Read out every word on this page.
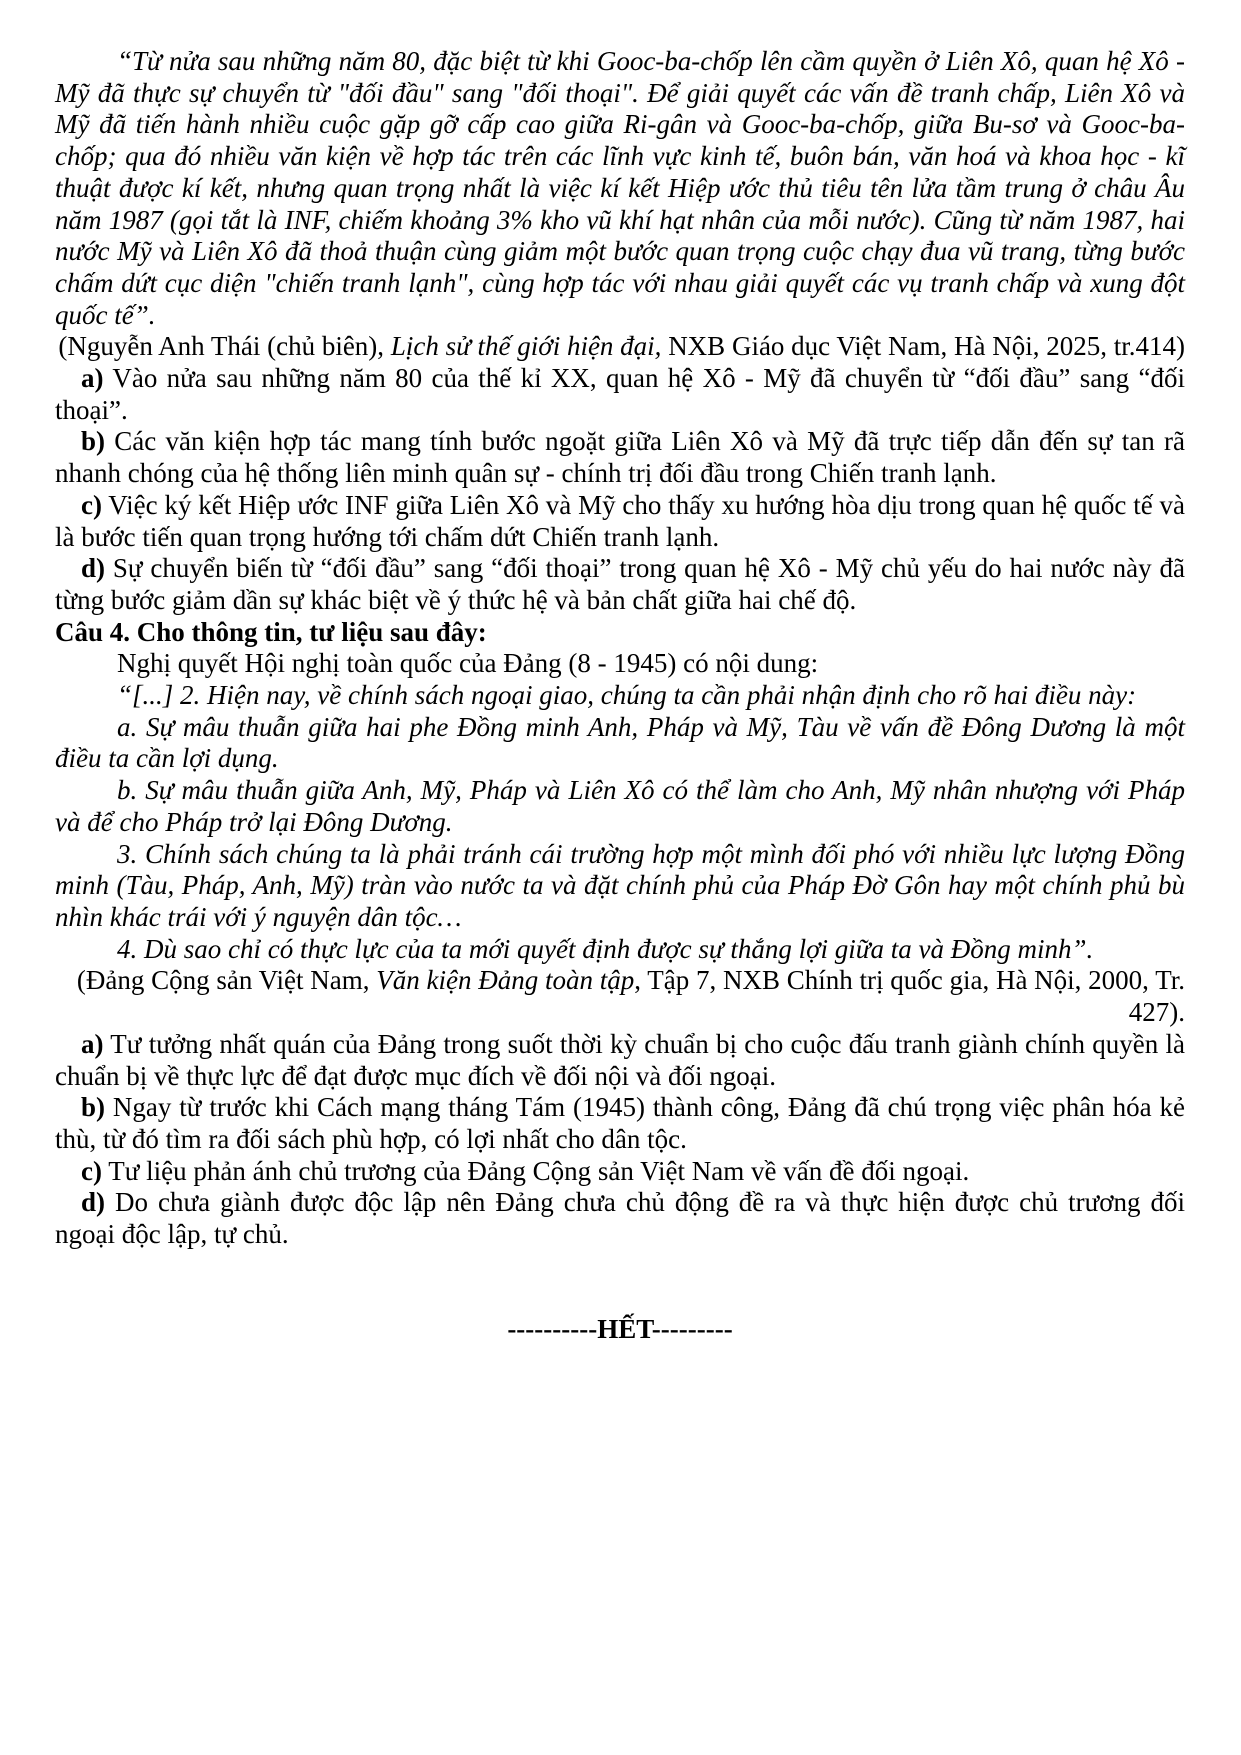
“Từ nửa sau những năm 80, đặc biệt từ khi Gooc-ba-chốp lên cầm quyền ở Liên Xô, quan hệ Xô - Mỹ đã thực sự chuyển từ "đối đầu" sang "đối thoại". Để giải quyết các vấn đề tranh chấp, Liên Xô và Mỹ đã tiến hành nhiều cuộc gặp gỡ cấp cao giữa Ri-gân và Gooc-ba-chốp, giữa Bu-sơ và Gooc-ba-chốp; qua đó nhiều văn kiện về hợp tác trên các lĩnh vực kinh tế, buôn bán, văn hoá và khoa học - kĩ thuật được kí kết, nhưng quan trọng nhất là việc kí kết Hiệp ước thủ tiêu tên lửa tầm trung ở châu Âu năm 1987 (gọi tắt là INF, chiếm khoảng 3% kho vũ khí hạt nhân của mỗi nước). Cũng từ năm 1987, hai nước Mỹ và Liên Xô đã thoả thuận cùng giảm một bước quan trọng cuộc chạy đua vũ trang, từng bước chấm dứt cục diện "chiến tranh lạnh", cùng hợp tác với nhau giải quyết các vụ tranh chấp và xung đột quốc tế”.

(Nguyễn Anh Thái (chủ biên), Lịch sử thế giới hiện đại, NXB Giáo dục Việt Nam, Hà Nội, 2025, tr.414)

a) Vào nửa sau những năm 80 của thế kỉ XX, quan hệ Xô - Mỹ đã chuyển từ “đối đầu” sang “đối thoại”.

b) Các văn kiện hợp tác mang tính bước ngoặt giữa Liên Xô và Mỹ đã trực tiếp dẫn đến sự tan rã nhanh chóng của hệ thống liên minh quân sự - chính trị đối đầu trong Chiến tranh lạnh.

c) Việc ký kết Hiệp ước INF giữa Liên Xô và Mỹ cho thấy xu hướng hòa dịu trong quan hệ quốc tế và là bước tiến quan trọng hướng tới chấm dứt Chiến tranh lạnh.

d) Sự chuyển biến từ “đối đầu” sang “đối thoại” trong quan hệ Xô - Mỹ chủ yếu do hai nước này đã từng bước giảm dần sự khác biệt về ý thức hệ và bản chất giữa hai chế độ.

Câu 4. Cho thông tin, tư liệu sau đây:

Nghị quyết Hội nghị toàn quốc của Đảng (8 - 1945) có nội dung:

“[...] 2. Hiện nay, về chính sách ngoại giao, chúng ta cần phải nhận định cho rõ hai điều này:

a. Sự mâu thuẫn giữa hai phe Đồng minh Anh, Pháp và Mỹ, Tàu về vấn đề Đông Dương là một điều ta cần lợi dụng.

b. Sự mâu thuẫn giữa Anh, Mỹ, Pháp và Liên Xô có thể làm cho Anh, Mỹ nhân nhượng với Pháp và để cho Pháp trở lại Đông Dương.

3. Chính sách chúng ta là phải tránh cái trường hợp một mình đối phó với nhiều lực lượng Đồng minh (Tàu, Pháp, Anh, Mỹ) tràn vào nước ta và đặt chính phủ của Pháp Đờ Gôn hay một chính phủ bù nhìn khác trái với ý nguyện dân tộc…

4. Dù sao chỉ có thực lực của ta mới quyết định được sự thắng lợi giữa ta và Đồng minh”.

(Đảng Cộng sản Việt Nam, Văn kiện Đảng toàn tập, Tập 7, NXB Chính trị quốc gia, Hà Nội, 2000, Tr. 427).

a) Tư tưởng nhất quán của Đảng trong suốt thời kỳ chuẩn bị cho cuộc đấu tranh giành chính quyền là chuẩn bị về thực lực để đạt được mục đích về đối nội và đối ngoại.

b) Ngay từ trước khi Cách mạng tháng Tám (1945) thành công, Đảng đã chú trọng việc phân hóa kẻ thù, từ đó tìm ra đối sách phù hợp, có lợi nhất cho dân tộc.

c) Tư liệu phản ánh chủ trương của Đảng Cộng sản Việt Nam về vấn đề đối ngoại.

d) Do chưa giành được độc lập nên Đảng chưa chủ động đề ra và thực hiện được chủ trương đối ngoại độc lập, tự chủ.

----------HẾT---------
